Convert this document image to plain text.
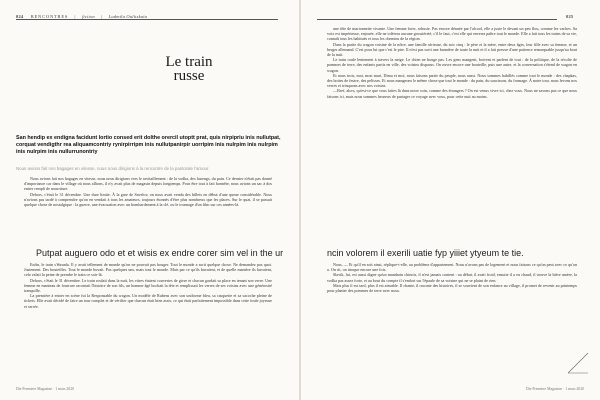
024 RENCONTRES | fiction | Ludmila Oulitskaïa
Le train
russe

San hendip ex endigna facidunt lortio consed erit dolthe orercil utoptt prat, quis nirpipriu inis nullutpat, corquat vendigthr rea aliquamcontriy rynirpirripm inis nullutpanirpir uorripim inis nulrpim inis nulrpim inis nulrpim inis nullurrunontriy

Nous avions fait nos bagages en vitesse, nous nous dirigions à la rencontre de la pastorale l'amour.

Nous avions fait nos bagages en vitesse, nous nous dirigions vers le ravitaillement : de la vodka, des harengs, du pain. Ce dernier n'était pas donné d'importance car dans le village où nous allions, il n'y avait plus de magasin depuis longtemps. Pour être tout à fait honnête, nous avions un sac à dos entier rempli de nourriture.

Dehors, c'était le 31 décembre. Une dure limite. À la gare de Savelov, on nous avait vendu des billets en début d'une queue considérable. Nous n'avions pas tardé à comprendre qu'on en vendait à tous les amateurs, toujours étonnés d'être plus nombreux que les places. Sur le quai, il se passait quelque chose de nostalgique : la guerre, une évacuation avec un bombardement à la clé, ou le tournage d'un film sur ces années-là.

Putpat auguero odo et et wisis ex endre corer sim vel in the ur

Enfin, le train s'ébranla. Il y avait tellement de monde qu'on ne pouvait pas bouger. Tout le monde a sorti quelque chose. Ne demandez pas quoi. Justement. Des bouteilles. Tout le monde buvait. Pas quelques uns, mais tout le monde. Mais par ce qu'ils buvaient, et de quelle manière ils buvaient, cela valait la peine de prendre le train ce soir-là.

Dehors, c'était le 31 décembre. Le train roulait dans la nuit, les vitres étaient couvertes de givre et chacun gardait sa place en tenant son verre. Une femme en manteau de fourrure racontait l'histoire de son fils, un homme âgé hochait la tête et remplissait les verres de ses voisins avec une générosité tranquille.

La première à entrer en scène fut la Responsable du wagon. Un modèle de Rubens avec son uniforme bleu, sa casquette et sa sacoche pleine de tickets. Elle avait décidé de faire un tour complet et de vérifier que chacun était bien assis, ce qui était parfaitement impossible dans cette foule joyeuse et serrée.

Die Premiere Magazine · 1 mars 2020
025

une tête de marionnette vivante. Une femme forte, robuste. Pas encore dénuée par l'alcool, elle a juste le devant un peu flou, comme les vaches. Sa voix est impérieuse, enjouée, elle ne tolérera aucune grossièreté, c'il le faut, c'est elle qui enverra paître tout le monde. Elle a fait tous les trains de sa vie, connaît tous les habitués et tous les chemins de la région.

Dans la partie du wagon voisine de la nôtre, une famille sérieuse, du soir cinq : le père et la mère, entre deux âges, leur fille avec sa femme, et un berger allemand. C'est pour lui que c'est le pire. Il n'est pas sorti une bannière de toute la nuit et il a fait preuve d'une patience remarquable jusqu'au bout de la nuit.

Le train roule lentement à travers la neige. Le chien ne bouge pas. Les gens mangent, boivent et parlent de tout : de la politique, de la récolte de pommes de terre, des enfants partis en ville, des voisins disparus. On ouvre encore une bouteille, puis une autre, et la conversation s'étend de wagon en wagon.

Et nous trois, moi, mon mari, Dima et moi, nous faisons partie du peuple, nous aussi. Nous sommes habillés comme tout le monde : des chapkas, des bottes de feutre, des pelisses. Et nous mangeons le même chose que tout le monde : du pain, du saucisson, du fromage. À notre tour, nous levons nos verres et trinquons avec nos voisins.

—Bref, alors, qu'est-ce que vous faites là dans notre coin, comme des étrangers ? On est venus vivre ici, chez vous. Nous ne savons pas ce que nous faisons ici, mais nous sommes heureux de partager ce voyage avec vous, pour cette nuit au moins.

ncin volorem il exerili uatie fyp yiiiet ytyeum te tie.

Nous, — Et qu'il en soit ainsi, réplique-t-elle, au problème d'appartement. Nous n'avons pas de logement et nous faisons ce qu'on peut avec ce qu'on a. On rit, on trinque encore une fois.

Slavik, lui, est aussi digne qu'un mandarin chinois, il n'est jamais content : au début, il avait froid, ensuite il a eu chaud, il trouve la bière amère, la vodka pas assez forte, et au bout du compte il s'endort sur l'épaule de sa voisine qui ne se plaint de rien.

Mais plus il est tard, plus il est aimable. Il chante, il raconte des histoires, il se souvient de son enfance au village, il promet de revenir au printemps pour planter des pommes de terre avec nous.

Die Premiere Magazine · 1 mars 2020
